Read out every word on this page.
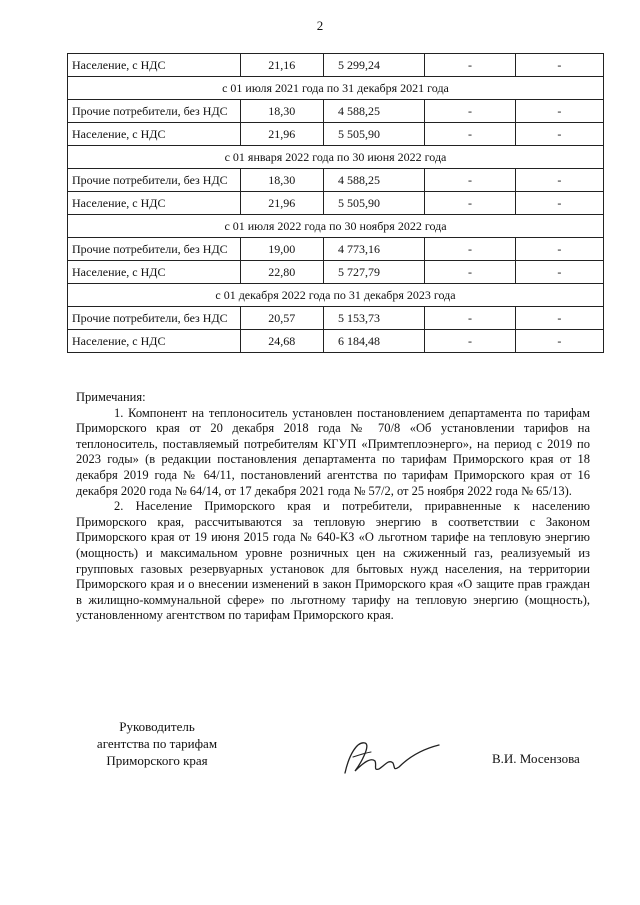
2
Население, с НДС	21,16	5 299,24	-	-
с 01 июля 2021 года по 31 декабря 2021 года				
Прочие потребители, без НДС	18,30	4 588,25	-	-
Население, с НДС	21,96	5 505,90	-	-
с 01 января 2022 года по 30 июня 2022 года				
Прочие потребители, без НДС	18,30	4 588,25	-	-
Население, с НДС	21,96	5 505,90	-	-
с 01 июля 2022 года по 30 ноября 2022 года				
Прочие потребители, без НДС	19,00	4 773,16	-	-
Население, с НДС	22,80	5 727,79	-	-
с 01 декабря 2022 года по 31 декабря 2023 года				
Прочие потребители, без НДС	20,57	5 153,73	-	-
Население, с НДС	24,68	6 184,48	-	-

Примечания:

1. Компонент на теплоноситель установлен постановлением департамента по тарифам Приморского края от 20 декабря 2018 года № 70/8 «Об установлении тарифов на теплоноситель, поставляемый потребителям КГУП «Примтеплоэнерго», на период с 2019 по 2023 годы» (в редакции постановления департамента по тарифам Приморского края от 18 декабря 2019 года № 64/11, постановлений агентства по тарифам Приморского края от 16 декабря 2020 года № 64/14, от 17 декабря 2021 года № 57/2, от 25 ноября 2022 года № 65/13).

2. Население Приморского края и потребители, приравненные к населению Приморского края, рассчитываются за тепловую энергию в соответствии с Законом Приморского края от 19 июня 2015 года № 640-КЗ «О льготном тарифе на тепловую энергию (мощность) и максимальном уровне розничных цен на сжиженный газ, реализуемый из групповых газовых резервуарных установок для бытовых нужд населения, на территории Приморского края и о внесении изменений в закон Приморского края «О защите прав граждан в жилищно-коммунальной сфере» по льготному тарифу на тепловую энергию (мощность), установленному агентством по тарифам Приморского края.

Руководитель
агентства по тарифам
Приморского края	В.И. Мосензова
